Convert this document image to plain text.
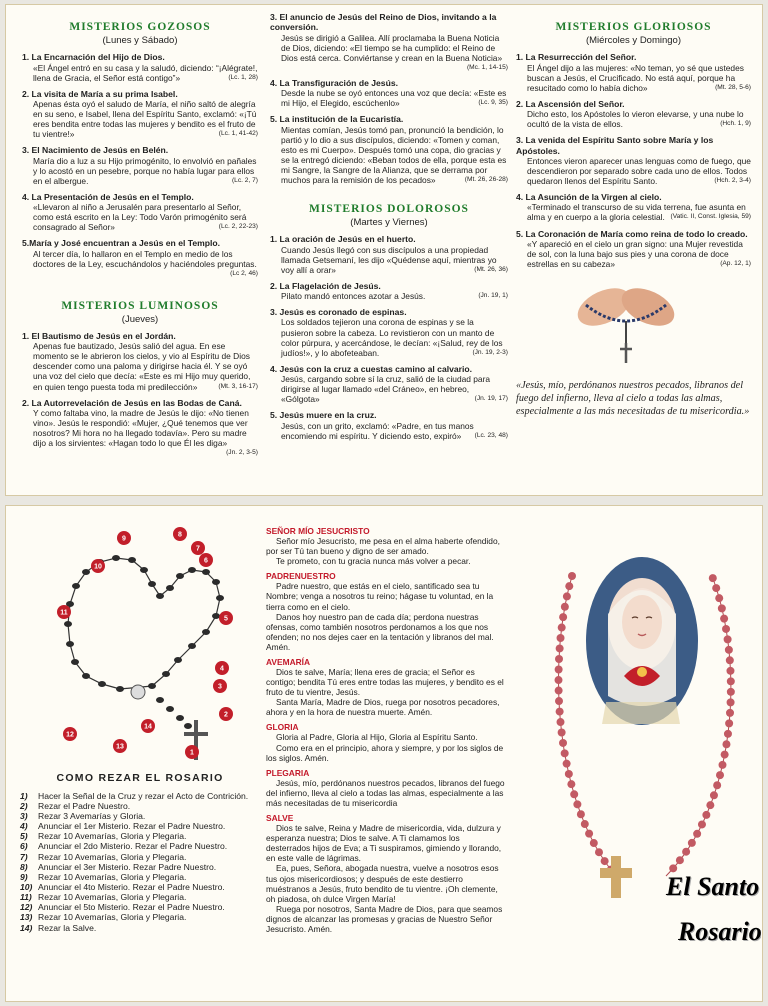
MISTERIOS GOZOSOS
(Lunes y Sábado)
1. La Encarnación del Hijo de Dios.
«El Ángel entró en su casa y la saludó, diciendo: “¡Alégrate!, llena de Gracia, el Señor está contigo”»	(Lc. 1, 28)
2. La visita de María a su prima Isabel.
Apenas ésta oyó el saludo de María, el niño saltó de alegría en su seno, e Isabel, llena del Espíritu Santo, exclamó: «¡Tú eres bendita entre todas las mujeres y bendito es el fruto de tu vientre!»	(Lc. 1, 41-42)
3. El Nacimiento de Jesús en Belén.
María dio a luz a su Hijo primogénito, lo envolvió en pañales y lo acostó en un pesebre, porque no había lugar para ellos en el albergue.	(Lc. 2, 7)
4. La Presentación de Jesús en el Templo.
«Llevaron al niño a Jerusalén para presentarlo al Señor, como está escrito en la Ley: Todo Varón primogénito será consagrado al Señor»	(Lc. 2, 22-23)
5.María y José encuentran a Jesús en el Templo.
Al tercer día, lo hallaron en el Templo en medio de los doctores de la Ley, escuchándolos y haciéndoles preguntas.
(Lc 2, 46)
MISTERIOS LUMINOSOS
(Jueves)
1. El Bautismo de Jesús en el Jordán.
Apenas fue bautizado, Jesús salió del agua. En ese momento se le abrieron los cielos, y vio al Espíritu de Dios descender como una paloma y dirigirse hacia él. Y se oyó una voz del cielo que decía: «Este es mi Hijo muy querido, en quien tengo puesta toda mi predilección»	(Mt. 3, 16-17)
2. La Autorrevelación de Jesús en las Bodas de Caná.
Y como faltaba vino, la madre de Jesús le dijo: «No tienen vino». Jesús le respondió: «Mujer, ¿Qué tenemos que ver nosotros? Mi hora no ha llegado todavía». Pero su madre dijo a los sirvientes: «Hagan todo lo que Él les diga»
(Jn. 2, 3-5)
3. El anuncio de Jesús del Reino de Dios, invitando a la conversión.
Jesús se dirigió a Galilea. Allí proclamaba la Buena Noticia de Dios, diciendo: «El tiempo se ha cumplido: el Reino de Dios está cerca. Conviértanse y crean en la Buena Noticia»
(Mc. 1, 14-15)
4. La Transfiguración de Jesús.
Desde la nube se oyó entonces una voz que decía: «Este es mi Hijo, el Elegido, escúchenlo»	(Lc. 9, 35)
5. La institución de la Eucaristía.
Mientas comían, Jesús tomó pan, pronunció la bendición, lo partió y lo dio a sus discípulos, diciendo: «Tomen y coman, esto es mi Cuerpo». Después tomó una copa, dio gracias y se la entregó diciendo: «Beban todos de ella, porque esta es mi Sangre, la Sangre de la Alianza, que se derrama por muchos para la remisión de los pecados»	(Mt. 26, 26-28)
MISTERIOS DOLOROSOS
(Martes y Viernes)
1. La oración de Jesús en el huerto.
Cuando Jesús llegó con sus discípulos a una propiedad llamada Getsemaní, les dijo «Quédense aquí, mientras yo voy allí a orar»	(Mt. 26, 36)
2. La Flagelación de Jesús.
Pilato mandó entonces azotar a Jesús.	(Jn. 19, 1)
3. Jesús es coronado de espinas.
Los soldados tejieron una corona de espinas y se la pusieron sobre la cabeza. Lo revistieron con un manto de color púrpura, y acercándose, le decían: «¡Salud, rey de los judíos!», y lo abofeteaban.	(Jn. 19, 2-3)
4. Jesús con la cruz a cuestas camino al calvario.
Jesús, cargando sobre sí la cruz, salió de la ciudad para dirigirse al lugar llamado «del Cráneo», en hebreo, «Gólgota»	(Jn. 19, 17)
5. Jesús muere en la cruz.
Jesús, con un grito, exclamó: «Padre, en tus manos encomiendo mi espíritu. Y diciendo esto, expiró» (Lc. 23, 48)
MISTERIOS GLORIOSOS
(Miércoles y Domingo)
1. La Resurrección del Señor.
El Ángel dijo a las mujeres: «No teman, yo sé que ustedes buscan a Jesús, el Crucificado. No está aquí, porque ha resucitado como lo había dicho»	(Mt. 28, 5-6)
2. La Ascensión del Señor.
Dicho esto, los Apóstoles lo vieron elevarse, y una nube lo ocultó de la vista de ellos.	(Hch. 1, 9)
3. La venida del Espíritu Santo sobre María y los Apóstoles.
Entonces vieron aparecer unas lenguas como de fuego, que descendieron por separado sobre cada uno de ellos. Todos quedaron llenos del Espíritu Santo.	(Hch. 2, 3-4)
4. La Asunción de la Virgen al cielo.
«Terminado el transcurso de su vida terrena, fue asunta en alma y en cuerpo a la gloria celestial. (Vatic. II, Const. Iglesia, 59)
5. La Coronación de María como reina de todo lo creado.
«Y apareció en el cielo un gran signo: una Mujer revestida de sol, con la luna bajo sus pies y una corona de doce estrellas en su cabeza»	(Ap. 12, 1)
«Jesús, mío, perdónanos nuestros pecados, libranos del fuego del infierno, lleva al cielo a todas las almas, especialmente a las más necesitadas de tu misericordia.»
1
2
3
4
5
6
7
8
9
10
11
12
13
14
COMO REZAR EL ROSARIO
1)	Hacer la Señal de la Cruz y rezar el Acto de Contrición.
2)	Rezar el Padre Nuestro.
3)	Rezar 3 Avemarías y Gloria.
4)	Anunciar el 1er Misterio. Rezar el Padre Nuestro.
5)	Rezar 10 Avemarías, Gloria y Plegaria.
6)	Anunciar el 2do Misterio. Rezar el Padre Nuestro.
7)	Rezar 10 Avemarías, Gloria y Plegaria.
8)	Anunciar el 3er Misterio. Rezar Padre Nuestro.
9)	Rezar 10 Avemarías, Gloria y Plegaria.
10) Anunciar el 4to Misterio. Rezar el Padre Nuestro.
11) Rezar 10 Avemarías, Gloria y Plegaria.
12) Anunciar el 5to Misterio. Rezar el Padre Nuestro.
13) Rezar 10 Avemarías, Gloria y Plegaria.
14) Rezar la Salve.
SEÑOR MÍO JESUCRISTO

Señor mío Jesucristo, me pesa en el alma haberte ofendido, por ser Tú tan bueno y digno de ser amado.

Te prometo, con tu gracia nunca más volver a pecar.

PADRENUESTRO

Padre nuestro, que estás en el cielo, santificado sea tu Nombre; venga a nosotros tu reino; hágase tu voluntad, en la tierra como en el cielo.

Danos hoy nuestro pan de cada día; perdona nuestras ofensas, como también nosotros perdonamos a los que nos ofenden; no nos dejes caer en la tentación y libranos del mal. Amén.

AVEMARÍA

Dios te salve, María; llena eres de gracia; el Señor es contigo; bendita Tú eres entre todas las mujeres, y bendito es el fruto de tu vientre, Jesús.

Santa María, Madre de Dios, ruega por nosotros pecadores, ahora y en la hora de nuestra muerte. Amén.

GLORIA

Gloria al Padre, Gloria al Hijo, Gloria al Espíritu Santo.

Como era en el principio, ahora y siempre, y por los siglos de los siglos. Amén.

PLEGARIA

Jesús, mío, perdónanos nuestros pecados, libranos del fuego del infierno, lleva al cielo a todas las almas, especialmente a las más necesitadas de tu misericordia

SALVE

Dios te salve, Reina y Madre de misericordia, vida, dulzura y esperanza nuestra; Dios te salve. A Ti clamamos los desterrados hijos de Eva; a Ti suspiramos, gimiendo y llorando, en este valle de lágrimas.

Ea, pues, Señora, abogada nuestra, vuelve a nosotros esos tus ojos misericordiosos; y después de este destierro muéstranos a Jesús, fruto bendito de tu vientre. ¡Oh clemente, oh piadosa, oh dulce Virgen María!

Ruega por nosotros, Santa Madre de Dios, para que seamos dignos de alcanzar las promesas y gracias de Nuestro Señor Jesucristo. Amén.

El Santo
Rosario
